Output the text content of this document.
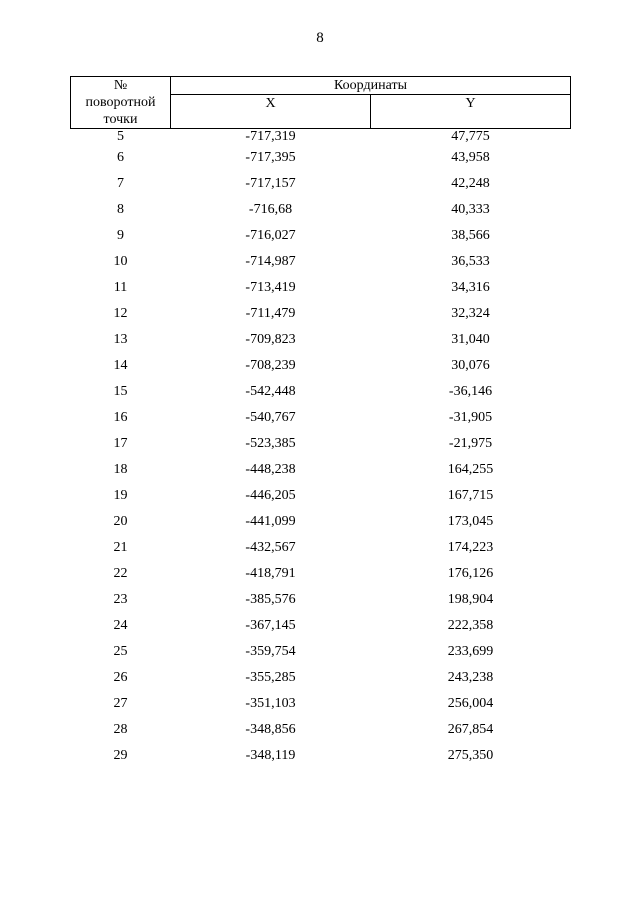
8
№
поворотной
точки	Координаты	
	X	Y
5	-717,319	47,775
6	-717,395	43,958
7	-717,157	42,248
8	-716,68	40,333
9	-716,027	38,566
10	-714,987	36,533
11	-713,419	34,316
12	-711,479	32,324
13	-709,823	31,040
14	-708,239	30,076
15	-542,448	-36,146
16	-540,767	-31,905
17	-523,385	-21,975
18	-448,238	164,255
19	-446,205	167,715
20	-441,099	173,045
21	-432,567	174,223
22	-418,791	176,126
23	-385,576	198,904
24	-367,145	222,358
25	-359,754	233,699
26	-355,285	243,238
27	-351,103	256,004
28	-348,856	267,854
29	-348,119	275,350
